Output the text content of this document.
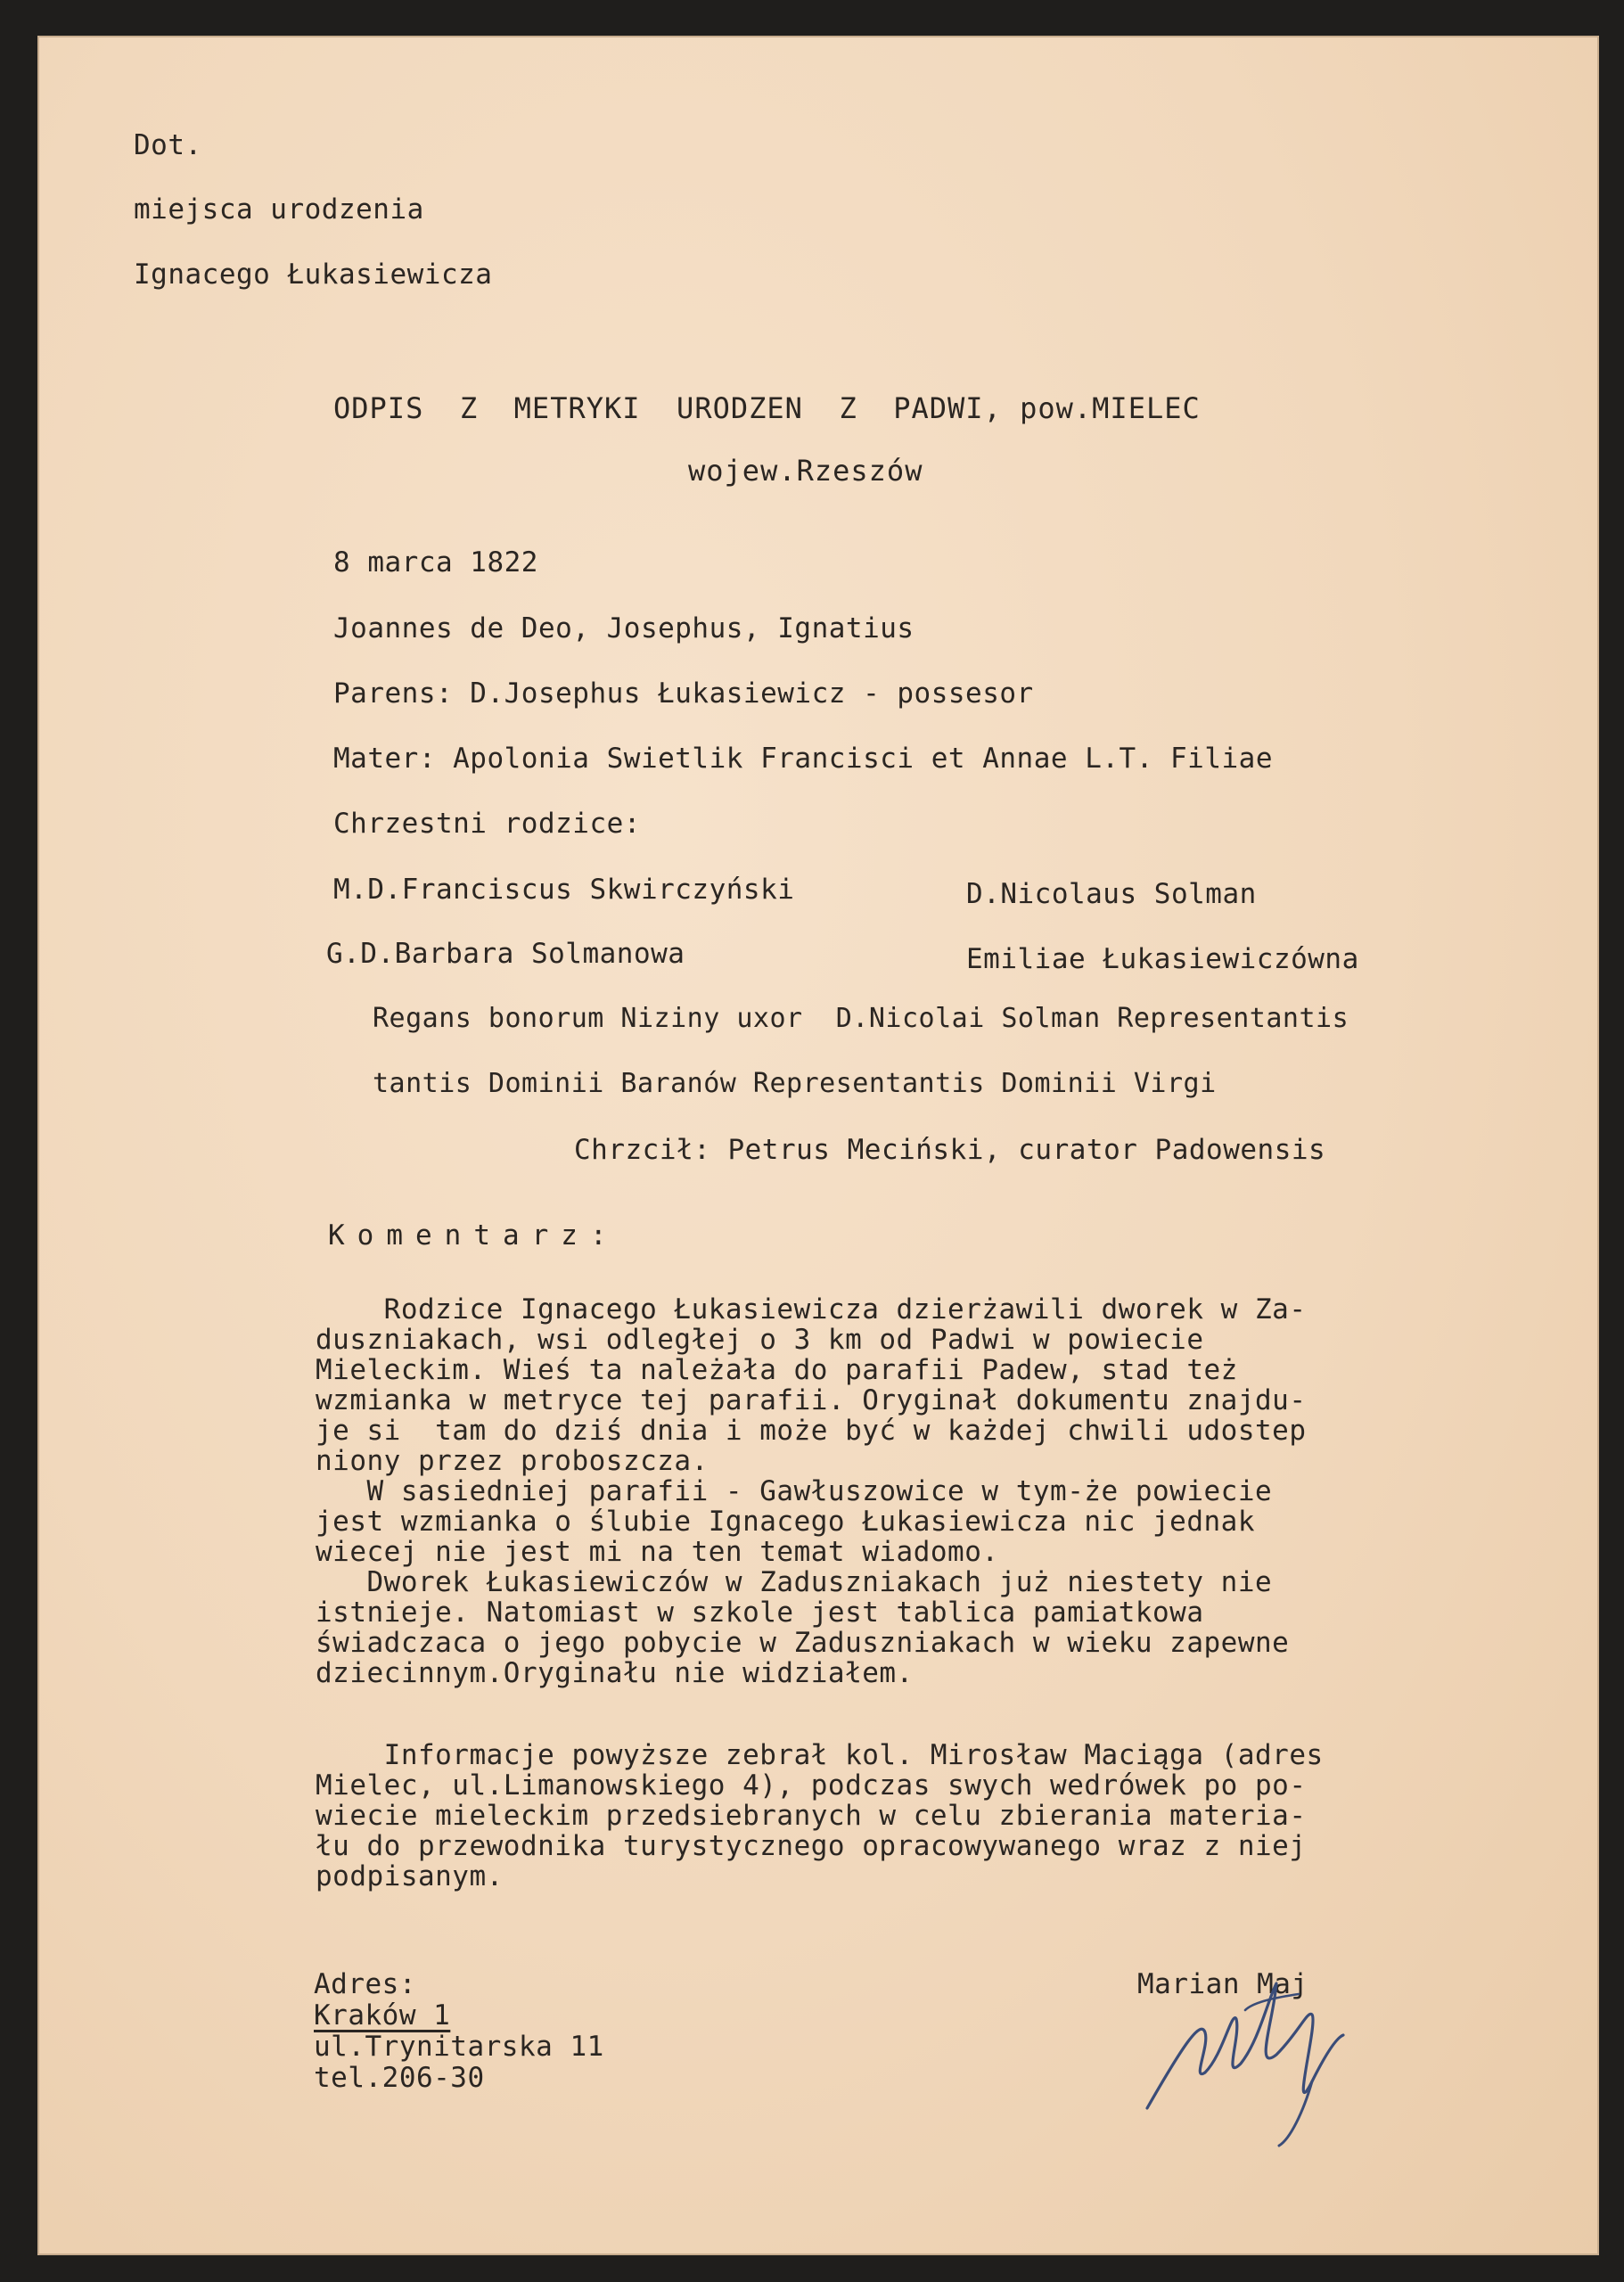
Dot.

miejsca urodzenia

Ignacego Łukasiewicza

ODPIS  Z  METRYKI  URODZEN  Z  PADWI, pow.MIELEC

wojew.Rzeszów

8 marca 1822

Joannes de Deo, Josephus, Ignatius

Parens: D.Josephus Łukasiewicz - possesor

Mater: Apolonia Swietlik Francisci et Annae L.T. Filiae

Chrzestni rodzice:

M.D.Franciscus Skwirczyński	D.Nicolaus Solman

G.D.Barbara Solmanowa	Emiliae Łukasiewiczówna

Regans bonorum Niziny uxor  D.Nicolai Solman Representantis

tantis Dominii Baranów Representantis Dominii Virgi

Chrzcił: Petrus Meciński, curator Padowensis

Komentarz:

Rodzice Ignacego Łukasiewicza dzierżawili dworek w Za-

duszniakach, wsi odległej o 3 km od Padwi w powiecie

Mieleckim. Wieś ta należała do parafii Padew, stad też

wzmianka w metryce tej parafii. Oryginał dokumentu znajdu-

je si  tam do dziś dnia i może być w każdej chwili udostep

niony przez proboszcza.

W sasiedniej parafii - Gawłuszowice w tym-że powiecie

jest wzmianka o ślubie Ignacego Łukasiewicza nic jednak

wiecej nie jest mi na ten temat wiadomo.

Dworek Łukasiewiczów w Zaduszniakach już niestety nie

istnieje. Natomiast w szkole jest tablica pamiatkowa

świadczaca o jego pobycie w Zaduszniakach w wieku zapewne

dziecinnym.Oryginału nie widziałem.

Informacje powyższe zebrał kol. Mirosław Maciąga (adres

Mielec, ul.Limanowskiego 4), podczas swych wedrówek po po-

wiecie mieleckim przedsiebranych w celu zbierania materia-

łu do przewodnika turystycznego opracowywanego wraz z niej

podpisanym.

Adres:

Kraków 1

ul.Trynitarska 11

tel.206-30

Marian Maj
